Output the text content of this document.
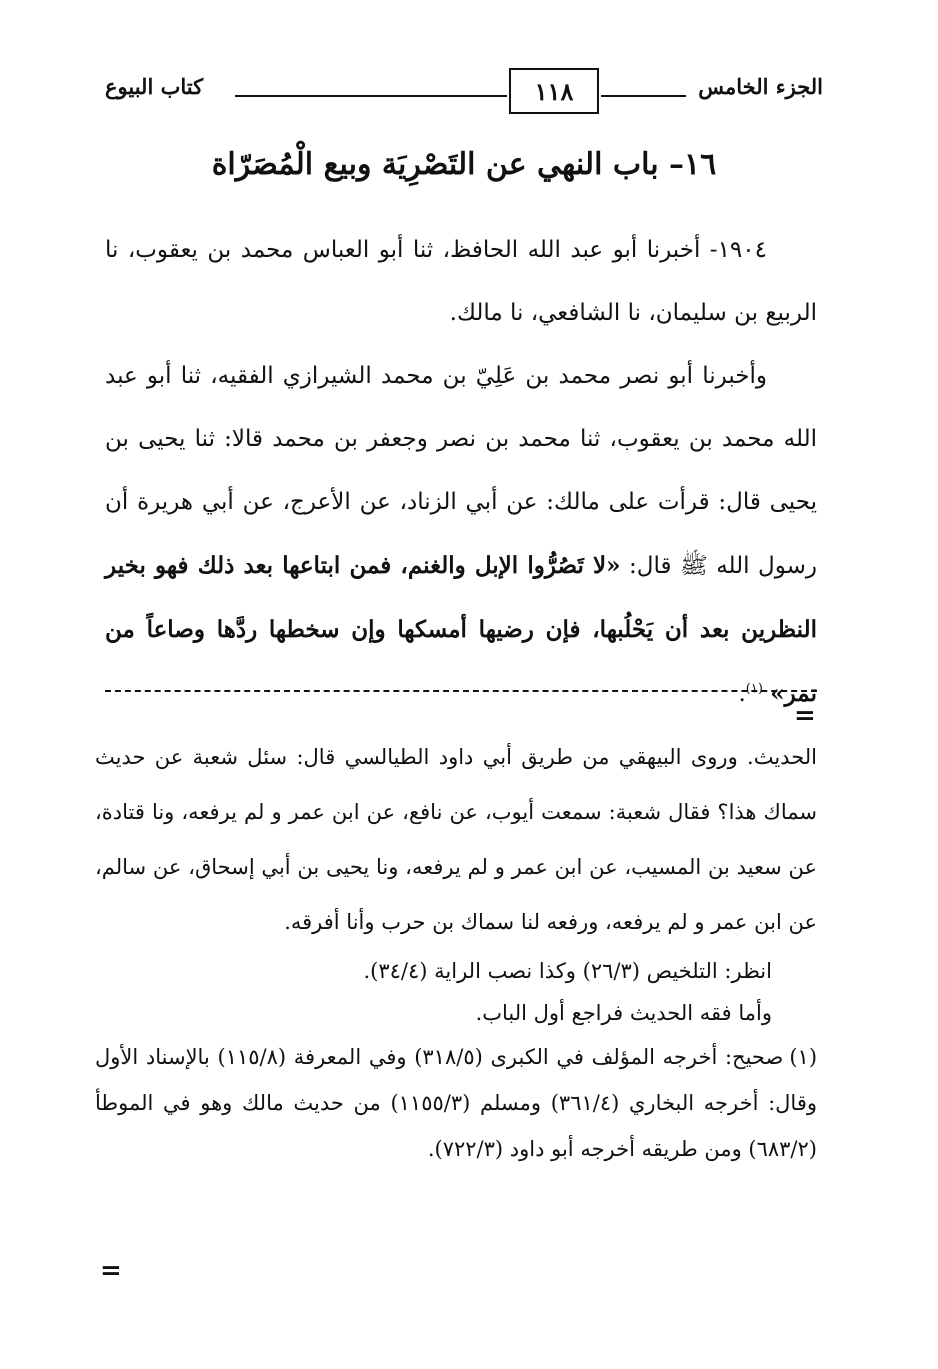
الجزء الخامس
١١٨
كتاب البيوع
١٦– باب النهي عن التَصْرِيَة وبيع الْمُصَرّاة

١٩٠٤- أخبرنا أبو عبد الله الحافظ، ثنا أبو العباس محمد بن يعقوب، نا الربيع بن سليمان، نا الشافعي، نا مالك.

وأخبرنا أبو نصر محمد بن عَلِيّ بن محمد الشيرازي الفقيه، ثنا أبو عبد الله محمد بن يعقوب، ثنا محمد بن نصر وجعفر بن محمد قالا: ثنا يحيى بن يحيى قال: قرأت على مالك: عن أبي الزناد، عن الأعرج، عن أبي هريرة أن رسول الله ﷺ قال: «لا تَصُرُّوا الإبل والغنم، فمن ابتاعها بعد ذلك فهو بخير النظرين بعد أن يَحْلُبها، فإن رضيها أمسكها وإن سخطها ردَّها وصاعاً من تمر» $^{(١)}$.

=

الحديث. وروى البيهقي من طريق أبي داود الطيالسي قال: سئل شعبة عن حديث سماك هذا؟ فقال شعبة: سمعت أيوب، عن نافع، عن ابن عمر و لم يرفعه، ونا قتادة، عن سعيد بن المسيب، عن ابن عمر و لم يرفعه، ونا يحيى بن أبي إسحاق، عن سالم، عن ابن عمر و لم يرفعه، ورفعه لنا سماك بن حرب وأنا أفرقه.

انظر: التلخيص (٢٦/٣) وكذا نصب الراية (٣٤/٤).

وأما فقه الحديث فراجع أول الباب.

(١)صحيح: أخرجه المؤلف في الكبرى (٣١٨/٥) وفي المعرفة (١١٥/٨) بالإسناد الأول وقال: أخرجه البخاري (٣٦١/٤) ومسلم (١١٥٥/٣) من حديث مالك وهو في الموطأ (٦٨٣/٢) ومن طريقه أخرجه أبو داود (٧٢٢/٣).

=
